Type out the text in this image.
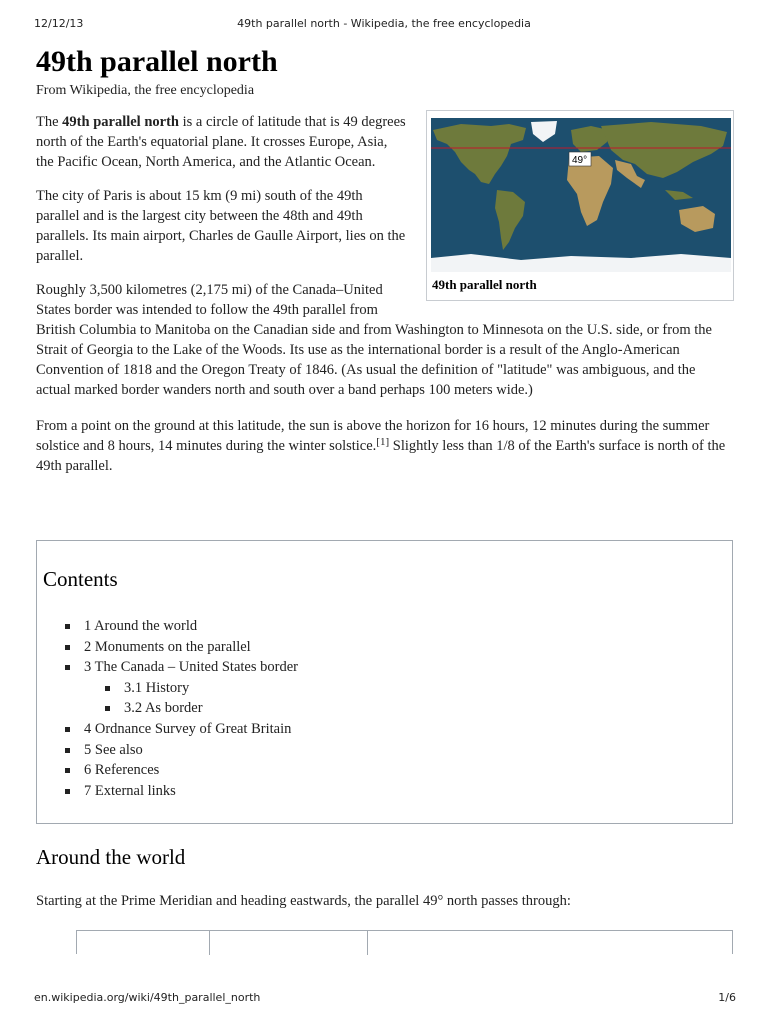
12/12/13	49th parallel north - Wikipedia, the free encyclopedia
49th parallel north
From Wikipedia, the free encyclopedia
49°
49th parallel north

The 49th parallel north is a circle of latitude that is 49 degrees north of the Earth's equatorial plane. It crosses Europe, Asia, the Pacific Ocean, North America, and the Atlantic Ocean.

The city of Paris is about 15 km (9 mi) south of the 49th parallel and is the largest city between the 48th and 49th parallels. Its main airport, Charles de Gaulle Airport, lies on the parallel.

Roughly 3,500 kilometres (2,175 mi) of the Canada–United States border was intended to follow the 49th parallel from British Columbia to Manitoba on the Canadian side and from Washington to Minnesota on the U.S. side, or from the Strait of Georgia to the Lake of the Woods. Its use as the international border is a result of the Anglo-American Convention of 1818 and the Oregon Treaty of 1846. (As usual the definition of "latitude" was ambiguous, and the actual marked border wanders north and south over a band perhaps 100 meters wide.)

From a point on the ground at this latitude, the sun is above the horizon for 16 hours, 12 minutes during the summer solstice and 8 hours, 14 minutes during the winter solstice.[1] Slightly less than 1/8 of the Earth's surface is north of the 49th parallel.

Contents
1 Around the world
2 Monuments on the parallel
3 The Canada – United States border
3.1 History
3.2 As border
4 Ordnance Survey of Great Britain
5 See also
6 References
7 External links
Around the world
Starting at the Prime Meridian and heading eastwards, the parallel 49° north passes through:
en.wikipedia.org/wiki/49th_parallel_north	1/6
